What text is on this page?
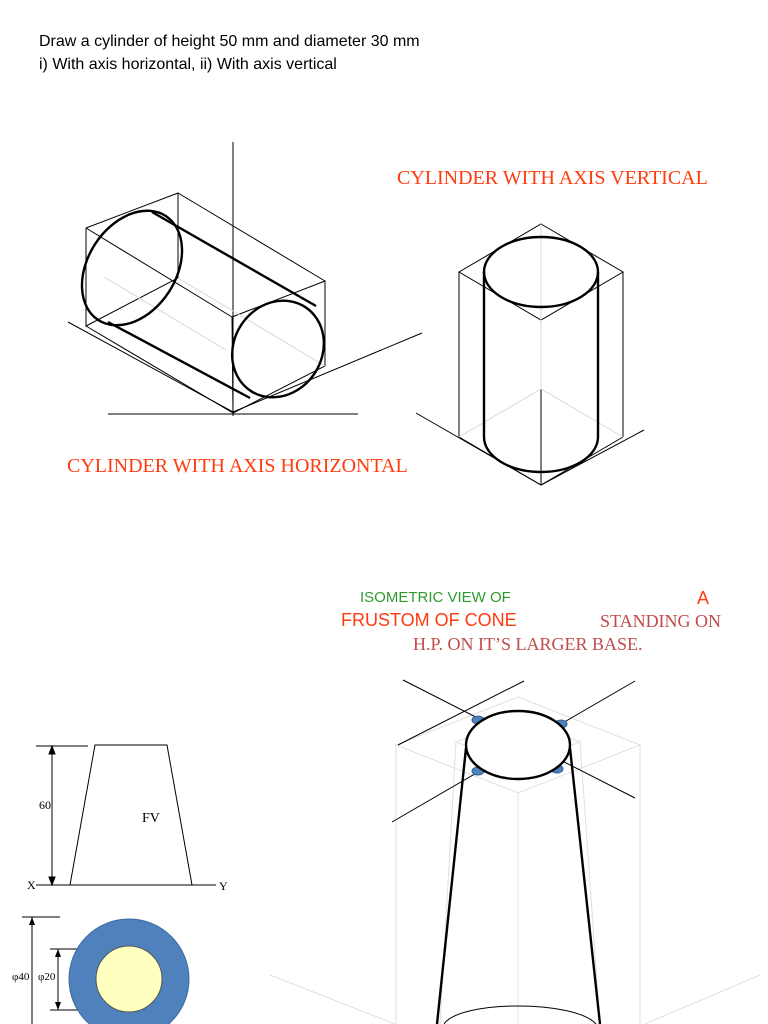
Draw a cylinder of height 50 mm and diameter 30 mm
i) With axis horizontal, ii) With axis vertical
CYLINDER WITH AXIS VERTICAL
CYLINDER WITH AXIS HORIZONTAL
ISOMETRIC VIEW OF	A
FRUSTOM OF CONE	STANDING ON
H.P. ON IT’S LARGER BASE.
FV
60
X	Y
φ40 φ20
